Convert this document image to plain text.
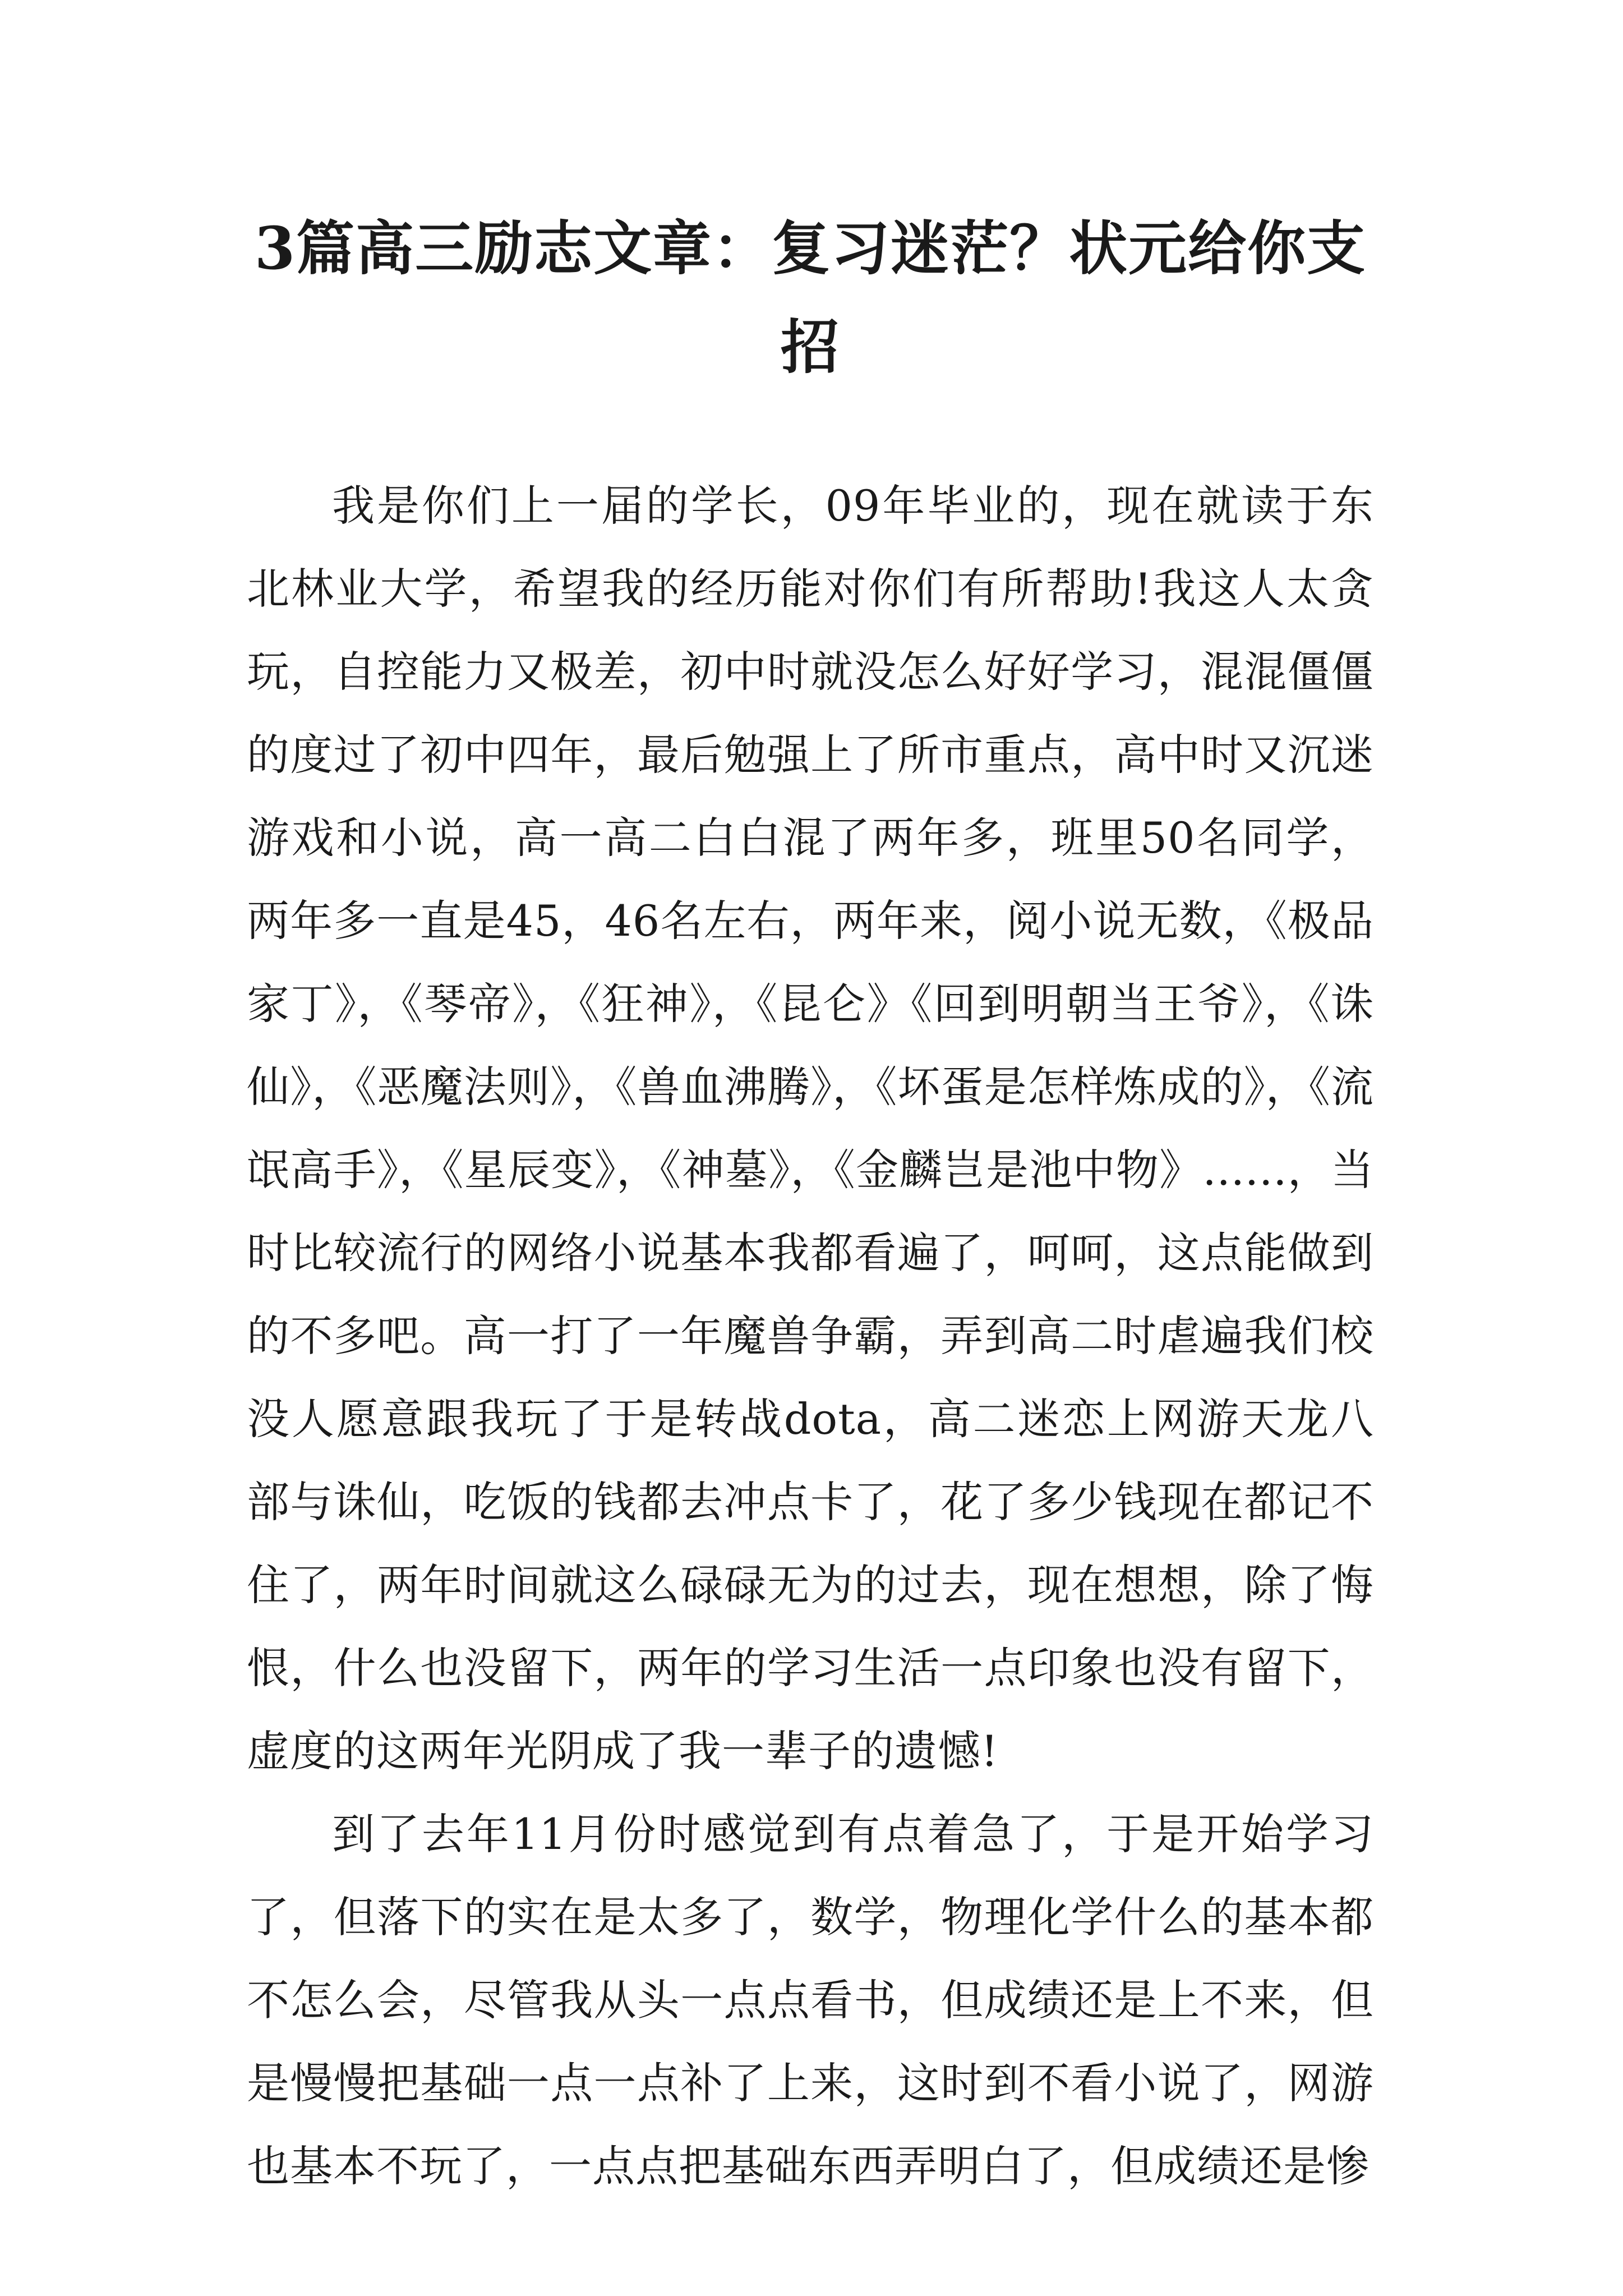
3篇高三励志文章：复习迷茫？状元给你支招

我是你们上一届的学长，09年毕业的，现在就读于东北林业大学，希望我的经历能对你们有所帮助!我这人太贪玩，自控能力又极差，初中时就没怎么好好学习，混混僵僵的度过了初中四年，最后勉强上了所市重点，高中时又沉迷游戏和小说，高一高二白白混了两年多，班里50名同学，两年多一直是45，46名左右，两年来，阅小说无数，《极品家丁》，《琴帝》，《狂神》，《昆仑》《回到明朝当王爷》，《诛仙》，《恶魔法则》，《兽血沸腾》，《坏蛋是怎样炼成的》，《流氓高手》，《星辰变》，《神墓》，《金麟岂是池中物》......，当时比较流行的网络小说基本我都看遍了，呵呵，这点能做到的不多吧。高一打了一年魔兽争霸，弄到高二时虐遍我们校没人愿意跟我玩了于是转战dota，高二迷恋上网游天龙八部与诛仙，吃饭的钱都去冲点卡了，花了多少钱现在都记不住了，两年时间就这么碌碌无为的过去，现在想想，除了悔恨，什么也没留下，两年的学习生活一点印象也没有留下，虚度的这两年光阴成了我一辈子的遗憾!

到了去年11月份时感觉到有点着急了，于是开始学习了，但落下的实在是太多了，数学，物理化学什么的基本都不怎么会，尽管我从头一点点看书，但成绩还是上不来，但是慢慢把基础一点一点补了上来，这时到不看小说了，网游也基本不玩了，一点点把基础东西弄明白了，但成绩还是惨
